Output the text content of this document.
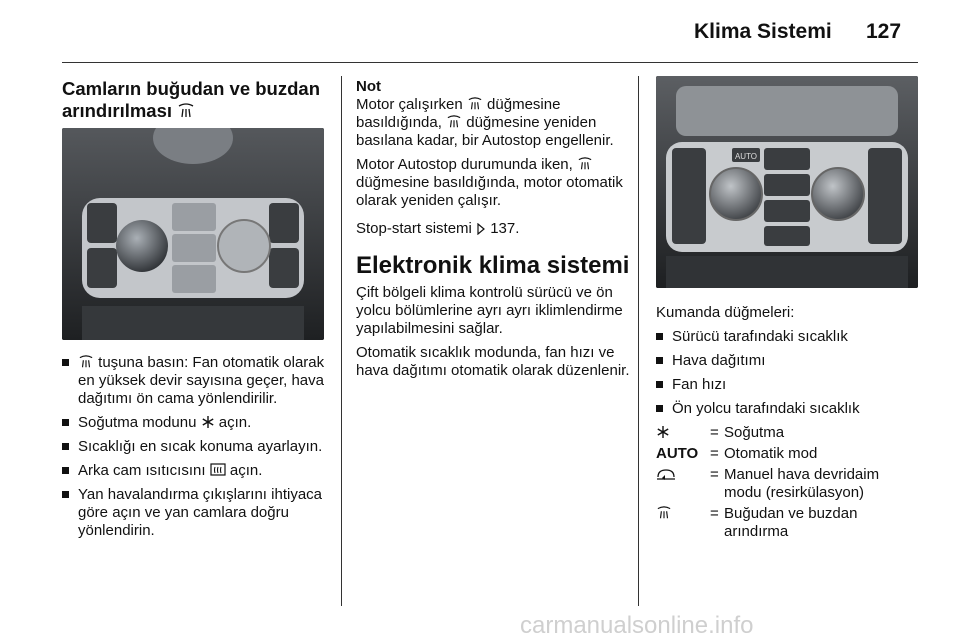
Klima Sistemi 127
Camların buğudan ve buzdan arındırılması
tuşuna basın: Fan otomatik olarak en yüksek devir sayısına geçer, hava dağıtımı ön cama yönlendirilir.
Soğutma modunu  açın.
Sıcaklığı en sıcak konuma ayarlayın.
Arka cam ısıtıcısını  açın.
Yan havalandırma çıkışlarını ihtiyaca göre açın ve yan camlara doğru yönlendirin.
Not

Motor çalışırken  düğmesine basıldığında,  düğmesine yeniden basılana kadar, bir Autostop engellenir.

Motor Autostop durumunda iken,  düğmesine basıldığında, motor otomatik olarak yeniden çalışır.

Stop-start sistemi  137.

Elektronik klima sistemi

Çift bölgeli klima kontrolü sürücü ve ön yolcu bölümlerine ayrı ayrı iklimlendirme yapılabilmesini sağlar.

Otomatik sıcaklık modunda, fan hızı ve hava dağıtımı otomatik olarak düzenlenir.

AUTO

Kumanda düğmeleri:

Sürücü tarafındaki sıcaklık
Hava dağıtımı
Fan hızı
Ön yolcu tarafındaki sıcaklık
= Soğutma
AUTO = Otomatik mod
= Manuel hava devridaim modu (resirkülasyon)
= Buğudan ve buzdan arındırma
carmanualsonline.info
